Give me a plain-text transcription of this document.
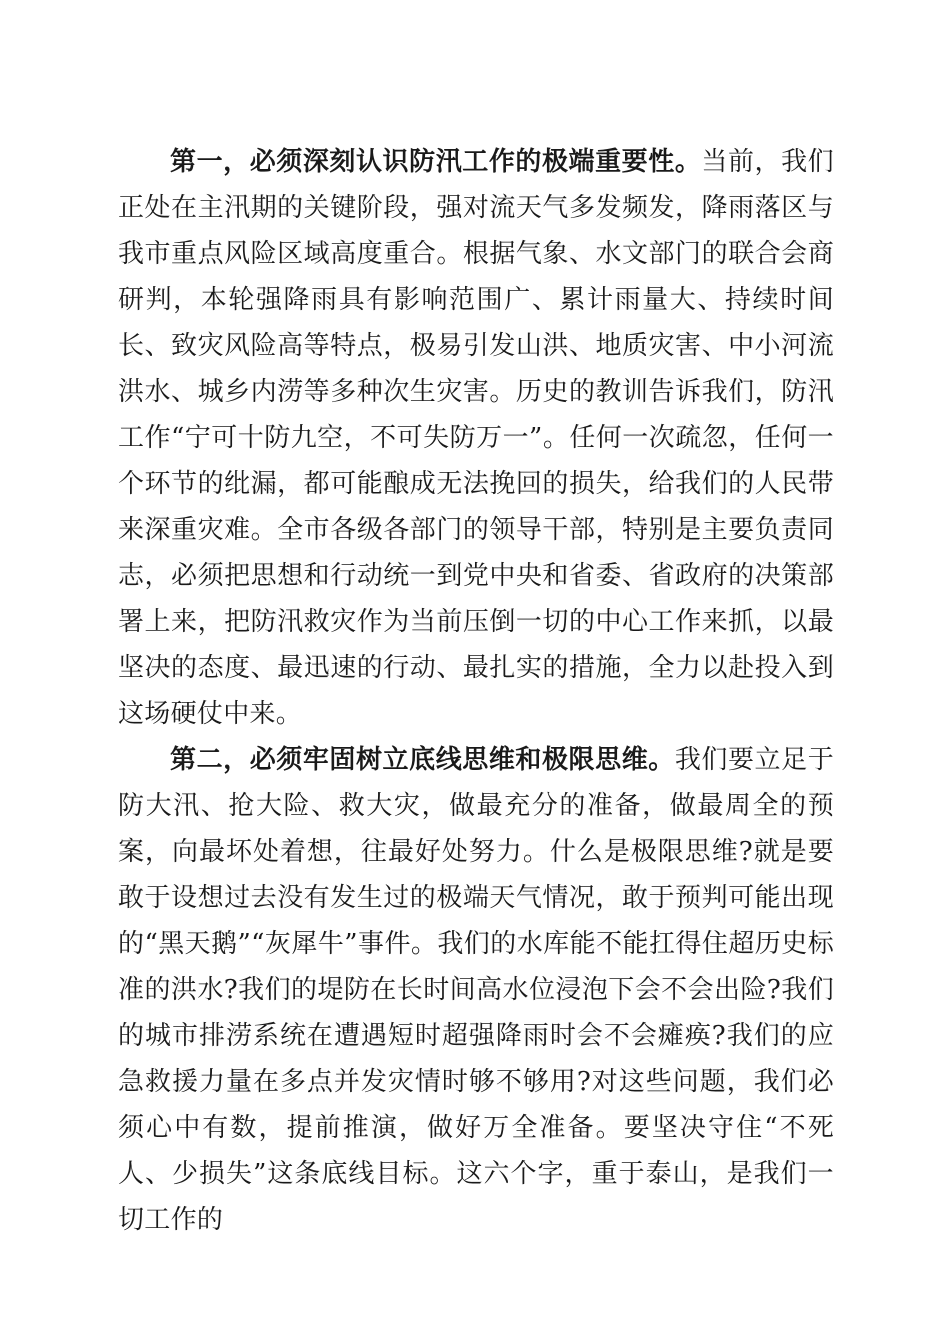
第一，必须深刻认识防汛工作的极端重要性。当前，我们正处在主汛期的关键阶段，强对流天气多发频发，降雨落区与我市重点风险区域高度重合。根据气象、水文部门的联合会商研判，本轮强降雨具有影响范围广、累计雨量大、持续时间长、致灾风险高等特点，极易引发山洪、地质灾害、中小河流洪水、城乡内涝等多种次生灾害。历史的教训告诉我们，防汛工作“宁可十防九空，不可失防万一”。任何一次疏忽，任何一个环节的纰漏，都可能酿成无法挽回的损失，给我们的人民带来深重灾难。全市各级各部门的领导干部，特别是主要负责同志，必须把思想和行动统一到党中央和省委、省政府的决策部署上来，把防汛救灾作为当前压倒一切的中心工作来抓，以最坚决的态度、最迅速的行动、最扎实的措施，全力以赴投入到这场硬仗中来。

第二，必须牢固树立底线思维和极限思维。我们要立足于防大汛、抢大险、救大灾，做最充分的准备，做最周全的预案，向最坏处着想，往最好处努力。什么是极限思维?就是要敢于设想过去没有发生过的极端天气情况，敢于预判可能出现的“黑天鹅”“灰犀牛”事件。我们的水库能不能扛得住超历史标准的洪水?我们的堤防在长时间高水位浸泡下会不会出险?我们的城市排涝系统在遭遇短时超强降雨时会不会瘫痪?我们的应急救援力量在多点并发灾情时够不够用?对这些问题，我们必须心中有数，提前推演，做好万全准备。要坚决守住“不死人、少损失”这条底线目标。这六个字，重于泰山，是我们一切工作的
